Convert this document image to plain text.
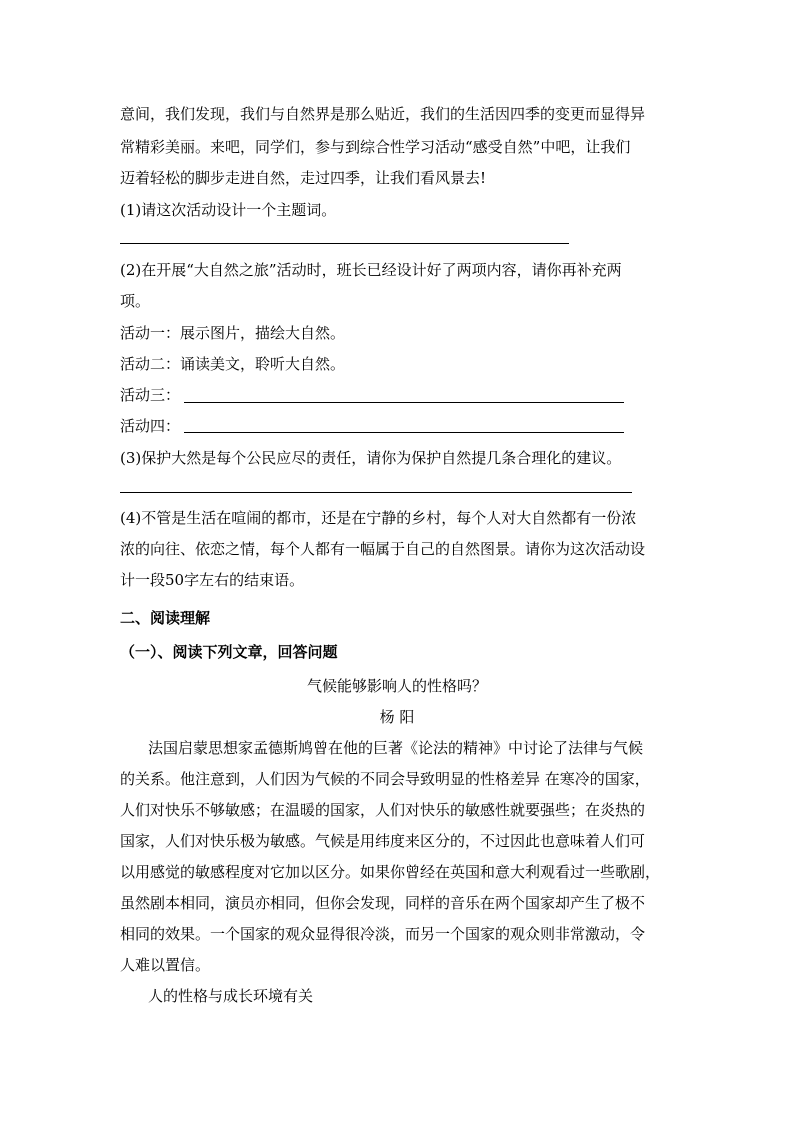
意间，我们发现，我们与自然界是那么贴近，我们的生活因四季的变更而显得异
常精彩美丽。来吧，同学们，参与到综合性学习活动“感受自然”中吧，让我们
迈着轻松的脚步走进自然，走过四季，让我们看风景去!
(1)请这次活动设计一个主题词。
(2)在开展“大自然之旅”活动时，班长已经设计好了两项内容，请你再补充两
项。
活动一：展示图片，描绘大自然。
活动二：诵读美文，聆听大自然。
活动三：
活动四：
(3)保护大然是每个公民应尽的责任，请你为保护自然提几条合理化的建议。
(4)不管是生活在喧闹的都市，还是在宁静的乡村，每个人对大自然都有一份浓
浓的向往、依恋之情，每个人都有一幅属于自己的自然图景。请你为这次活动设
计一段50字左右的结束语。
二、阅读理解
（一）、阅读下列文章，回答问题
气候能够影响人的性格吗？
杨 阳
法国启蒙思想家孟德斯鸠曾在他的巨著《论法的精神》中讨论了法律与气候
的关系。他注意到，人们因为气候的不同会导致明显的性格差异 在寒冷的国家，
人们对快乐不够敏感；在温暖的国家，人们对快乐的敏感性就要强些；在炎热的
国家，人们对快乐极为敏感。气候是用纬度来区分的，不过因此也意味着人们可
以用感觉的敏感程度对它加以区分。如果你曾经在英国和意大利观看过一些歌剧，
虽然剧本相同，演员亦相同，但你会发现，同样的音乐在两个国家却产生了极不
相同的效果。一个国家的观众显得很冷淡，而另一个国家的观众则非常激动，令
人难以置信。
人的性格与成长环境有关
